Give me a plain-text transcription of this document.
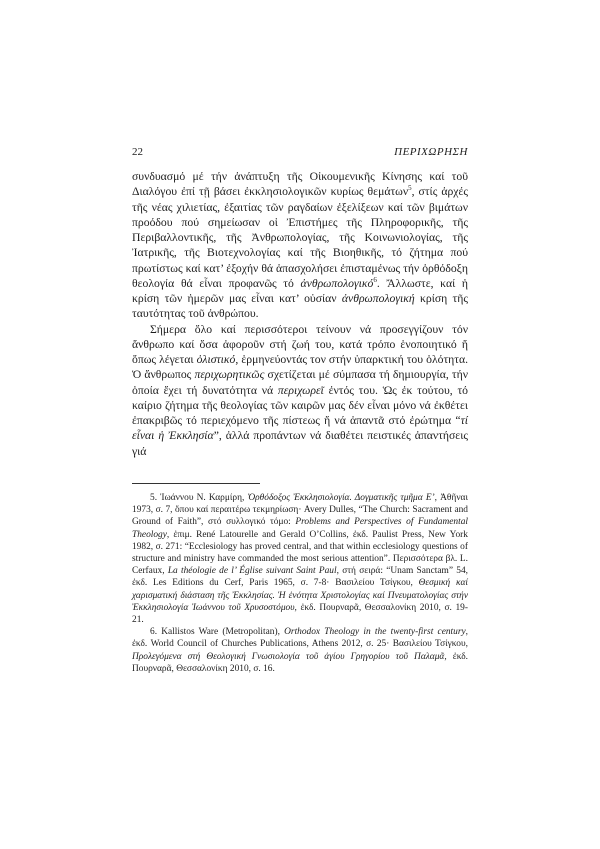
22	ΠΕΡΙΧΩΡΗΣΗ

συνδυασμό μέ τήν ἀνάπτυξη τῆς Οἰκουμενικῆς Κίνησης καί τοῦ Διαλόγου ἐπί τῇ βάσει ἐκκλησιολογικῶν κυρίως θεμάτων$^5$, στίς ἀρχές τῆς νέας χιλιετίας, ἐξαιτίας τῶν ραγδαίων ἐξελίξεων καί τῶν βιμάτων προόδου πού σημείωσαν οἱ Ἐπιστήμες τῆς Πληροφορικῆς, τῆς Περιβαλλοντικῆς, τῆς Ἀνθρωπολογίας, τῆς Κοινωνιολογίας, τῆς Ἰατρικῆς, τῆς Βιοτεχνολογίας καί τῆς Βιοηθικῆς, τό ζήτημα πού πρωτίστως καί κατ’ ἐξοχήν θά ἀπασχολήσει ἐπισταμένως τήν ὀρθόδοξη θεολογία θά εἶναι προφανῶς τό ἀνθρωπολογικό$^6$. Ἄλλωστε, καί ἡ κρίση τῶν ἡμερῶν μας εἶναι κατ’ οὐσίαν ἀνθρωπολογική κρίση τῆς ταυτότητας τοῦ ἀνθρώπου.

Σήμερα ὅλο καί περισσότεροι τείνουν νά προσεγγίζουν τόν ἄνθρωπο καί ὅσα ἀφοροῦν στή ζωή του, κατά τρόπο ἑνοποιητικό ἤ ὅπως λέγεται ὁλιστικό, ἑρμηνεύοντάς τον στήν ὑπαρκτική του ὁλότητα. Ὁ ἄνθρωπος περιχωρητικῶς σχετίζεται μέ σύμπασα τή δημιουργία, τήν ὁποία ἔχει τή δυνατότητα νά περιχωρεῖ ἐντός του. Ὡς ἐκ τούτου, τό καίριο ζήτημα τῆς θεολογίας τῶν καιρῶν μας δέν εἶναι μόνο νά ἐκθέτει ἐπακριβῶς τό περιεχόμενο τῆς πίστεως ἤ νά ἀπαντᾶ στό ἐρώτημα “τί εἶναι ἡ Ἐκκλησία”, ἀλλά προπάντων νά διαθέτει πειστικές ἀπαντήσεις γιά

5. Ἰωάννου Ν. Καρμίρη, Ὀρθόδοξος Ἐκκλησιολογία. Δογματικῆς τμῆμα Ε’, Ἀθῆναι 1973, σ. 7, ὅπου καί περαιτέρω τεκμηρίωση· Avery Dulles, “The Church: Sacrament and Ground of Faith”, στό συλλογικό τόμο: Problems and Perspectives of Fundamental Theology, ἐπιμ. René Latourelle and Gerald O’Collins, ἐκδ. Paulist Press, New York 1982, σ. 271: “Ecclesiology has proved central, and that within ecclesiology questions of structure and ministry have commanded the most serious attention”. Περισσότερα βλ. L. Cerfaux, La théologie de l’ Église suivant Saint Paul, στή σειρά: “Unam Sanctam” 54, ἐκδ. Les Editions du Cerf, Paris 1965, σ. 7-8· Βασιλείου Τσίγκου, Θεσμική καί χαρισματική διάσταση τῆς Ἐκκλησίας. Ἡ ἑνότητα Χριστολογίας καί Πνευματολογίας στήν Ἐκκλησιολογία Ἰωάννου τοῦ Χρυσοστόμου, ἐκδ. Πουρναρᾶ, Θεσσαλονίκη 2010, σ. 19-21.

6. Kallistos Ware (Metropolitan), Orthodox Theology in the twenty-first century, ἐκδ. World Council of Churches Publications, Athens 2012, σ. 25· Βασιλείου Τσίγκου, Προλεγόμενα στή Θεολογική Γνωσιολογία τοῦ ἁγίου Γρηγορίου τοῦ Παλαμᾶ, ἐκδ. Πουρναρᾶ, Θεσσαλονίκη 2010, σ. 16.
